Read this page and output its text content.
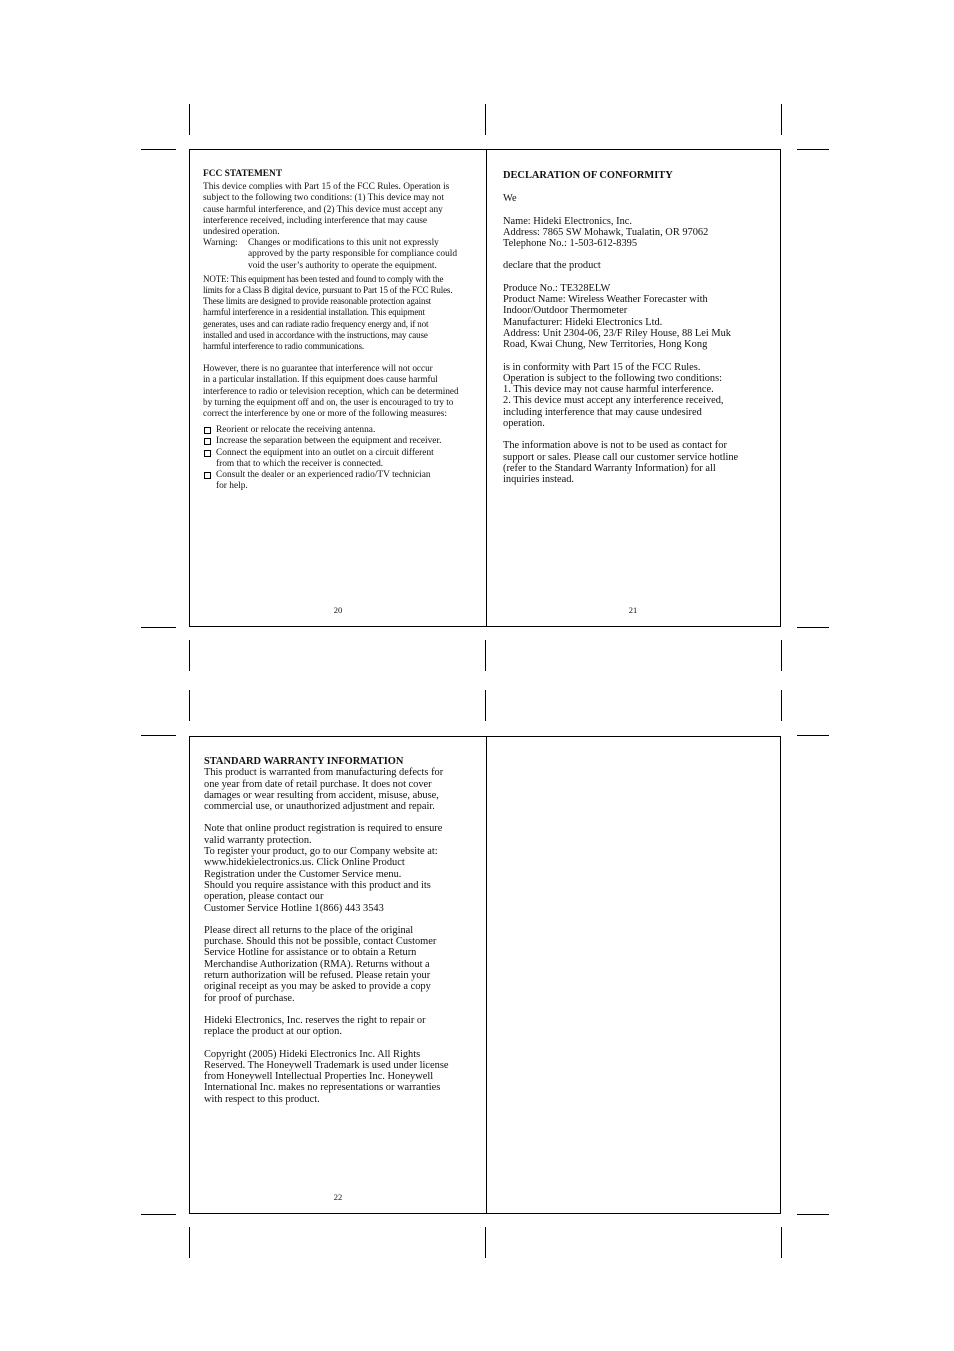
FCC STATEMENT
This device complies with Part 15 of the FCC Rules. Operation is
subject to the following two conditions: (1) This device may not
cause harmful interference, and (2) This device must accept any
interference received, including interference that may cause
undesired operation.
Warning:	Changes or modifications to this unit not expressly
approved by the party responsible for compliance could
void the user’s authority to operate the equipment.
NOTE: This equipment has been tested and found to comply with the
limits for a Class B digital device, pursuant to Part 15 of the FCC Rules.
These limits are designed to provide reasonable protection against
harmful interference in a residential installation. This equipment
generates, uses and can radiate radio frequency energy and, if not
installed and used in accordance with the instructions, may cause
harmful interference to radio communications.
However, there is no guarantee that interference will not occur
in a particular installation. If this equipment does cause harmful
interference to radio or television reception, which can be determined
by turning the equipment off and on, the user is encouraged to try to
correct the interference by one or more of the following measures:
Reorient or relocate the receiving antenna.
Increase the separation between the equipment and receiver.
Connect the equipment into an outlet on a circuit different
from that to which the receiver is connected.
Consult the dealer or an experienced radio/TV technician
for help.
20
DECLARATION OF CONFORMITY
We
Name: Hideki Electronics, Inc.
Address: 7865 SW Mohawk, Tualatin, OR 97062
Telephone No.: 1-503-612-8395
declare that the product
Produce No.: TE328ELW
Product Name: Wireless Weather Forecaster with
Indoor/Outdoor Thermometer
Manufacturer: Hideki Electronics Ltd.
Address: Unit 2304-06, 23/F Riley House, 88 Lei Muk
Road, Kwai Chung, New Territories, Hong Kong
is in conformity with Part 15 of the FCC Rules.
Operation is subject to the following two conditions:
1. This device may not cause harmful interference.
2. This device must accept any interference received,
including interference that may cause undesired
operation.
The information above is not to be used as contact for
support or sales. Please call our customer service hotline
(refer to the Standard Warranty Information) for all
inquiries instead.
21
STANDARD WARRANTY INFORMATION
This product is warranted from manufacturing defects for
one year from date of retail purchase. It does not cover
damages or wear resulting from accident, misuse, abuse,
commercial use, or unauthorized adjustment and repair.
Note that online product registration is required to ensure
valid warranty protection.
To register your product, go to our Company website at:
www.hidekielectronics.us. Click Online Product
Registration under the Customer Service menu.
Should you require assistance with this product and its
operation, please contact our
Customer Service Hotline 1(866) 443 3543
Please direct all returns to the place of the original
purchase. Should this not be possible, contact Customer
Service Hotline for assistance or to obtain a Return
Merchandise Authorization (RMA). Returns without a
return authorization will be refused. Please retain your
original receipt as you may be asked to provide a copy
for proof of purchase.
Hideki Electronics, Inc. reserves the right to repair or
replace the product at our option.
Copyright (2005) Hideki Electronics Inc. All Rights
Reserved. The Honeywell Trademark is used under license
from Honeywell Intellectual Properties Inc. Honeywell
International Inc. makes no representations or warranties
with respect to this product.
22
